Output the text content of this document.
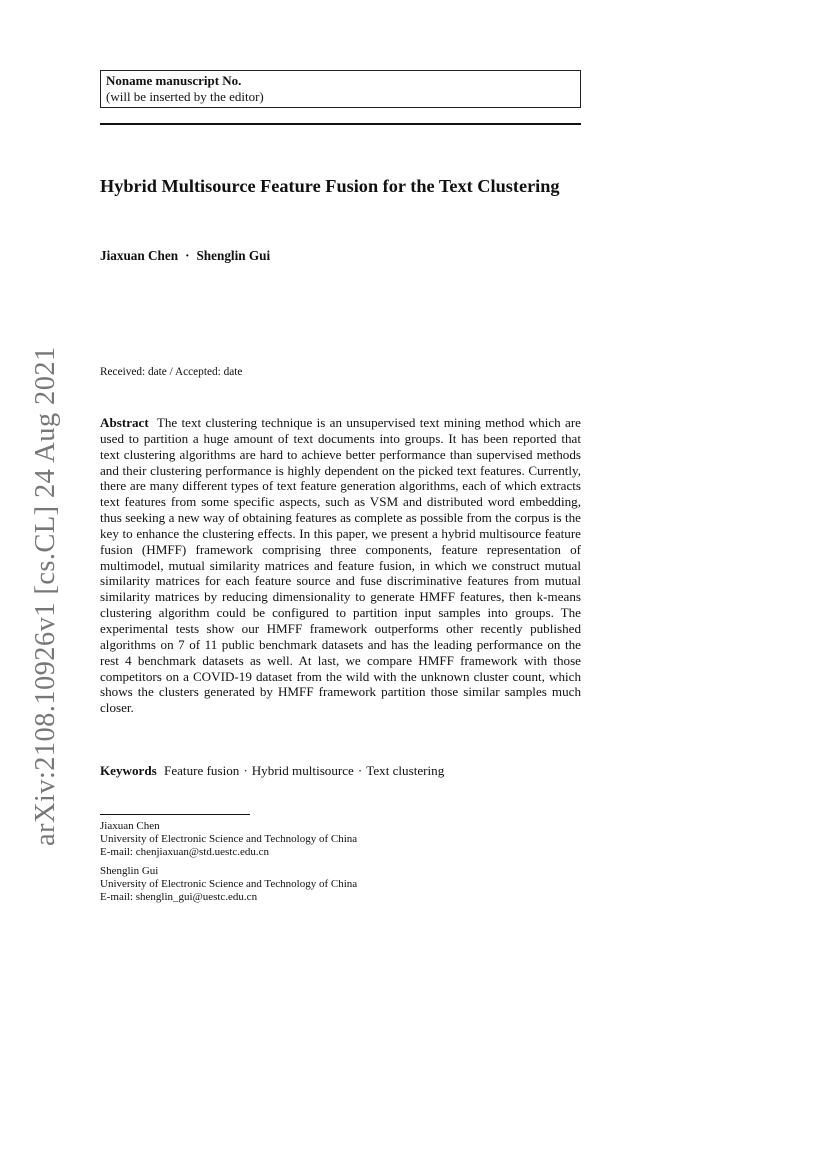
arXiv:2108.10926v1 [cs.CL] 24 Aug 2021
Noname manuscript No.
(will be inserted by the editor)
Hybrid Multisource Feature Fusion for the Text Clustering
Jiaxuan Chen · Shenglin Gui
Received: date / Accepted: date

Abstract The text clustering technique is an unsupervised text mining method which are used to partition a huge amount of text documents into groups. It has been reported that text clustering algorithms are hard to achieve better performance than supervised methods and their clustering performance is highly dependent on the picked text features. Currently, there are many different types of text feature generation algorithms, each of which extracts text features from some specific aspects, such as VSM and distributed word embedding, thus seeking a new way of obtaining features as complete as possible from the corpus is the key to enhance the clustering effects. In this paper, we present a hybrid multisource feature fusion (HMFF) framework comprising three components, feature representation of multimodel, mutual similarity matrices and feature fusion, in which we construct mutual similarity matrices for each feature source and fuse discriminative features from mutual similarity matrices by reducing dimensionality to generate HMFF features, then k-means clustering algorithm could be configured to partition input samples into groups. The experimental tests show our HMFF framework outperforms other recently published algorithms on 7 of 11 public benchmark datasets and has the leading performance on the rest 4 benchmark datasets as well. At last, we compare HMFF framework with those competitors on a COVID-19 dataset from the wild with the unknown cluster count, which shows the clusters generated by HMFF framework partition those similar samples much closer.

Keywords Feature fusion · Hybrid multisource · Text clustering
Jiaxuan Chen
University of Electronic Science and Technology of China
E-mail: chenjiaxuan@std.uestc.edu.cn
Shenglin Gui
University of Electronic Science and Technology of China
E-mail: shenglin_gui@uestc.edu.cn
